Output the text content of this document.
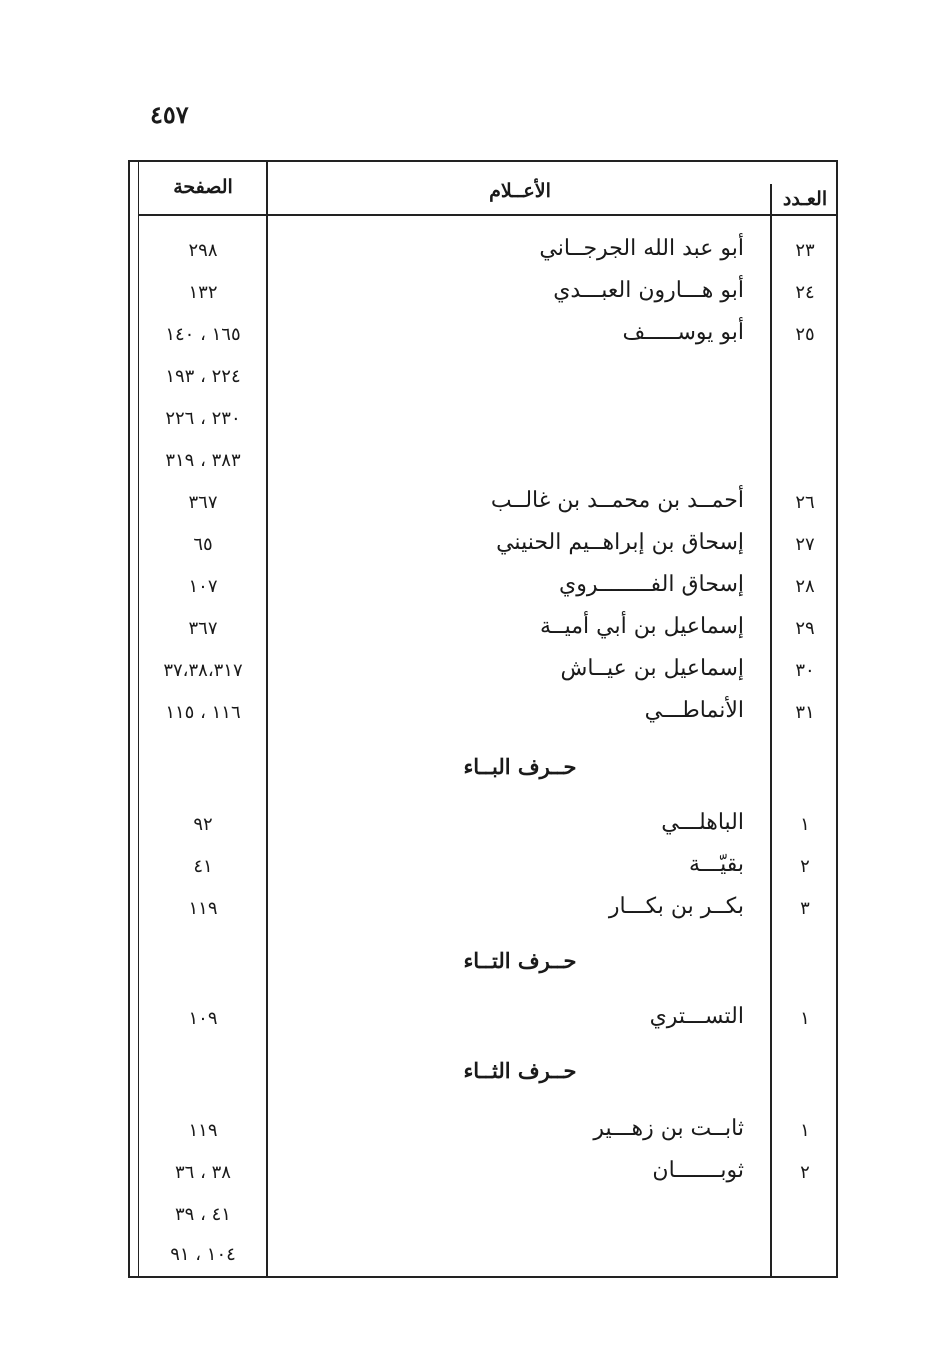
٤٥٧
الصفحة	الأعــلام	العـدد
٢٩٨	أبو عبد الله الجرجــاني	٢٣
١٣٢	أبو هـــارون العبـــدي	٢٤
١٦٥ ، ١٤٠	أبو يوســـــف	٢٥
٢٢٤ ، ١٩٣
٢٣٠ ، ٢٢٦
٣٨٣ ، ٣١٩
٣٦٧	أحمــد بن محمــد بن غالــب	٢٦
٦٥	إسحاق بن إبراهــيم الحنيني	٢٧
١٠٧	إسحاق الفــــــــروي	٢٨
٣٦٧	إسماعيل بن أبي أميــة	٢٩
٣٧،٣٨،٣١٧	إسماعيل بن عيــاش	٣٠
١١٦ ، ١١٥	الأنماطـــي	٣١
حــرف البــاء
٩٢	الباهلـــي	١
٤١	بقيّـــة	٢
١١٩	بكــر بن بكـــار	٣
حــرف التــاء
١٠٩	التســـتري	١
حــرف الثــاء
١١٩	ثابــت بن زهـــير	١
٣٨ ، ٣٦	ثوبـــــــان	٢
٤١ ، ٣٩
١٠٤ ، ٩١
